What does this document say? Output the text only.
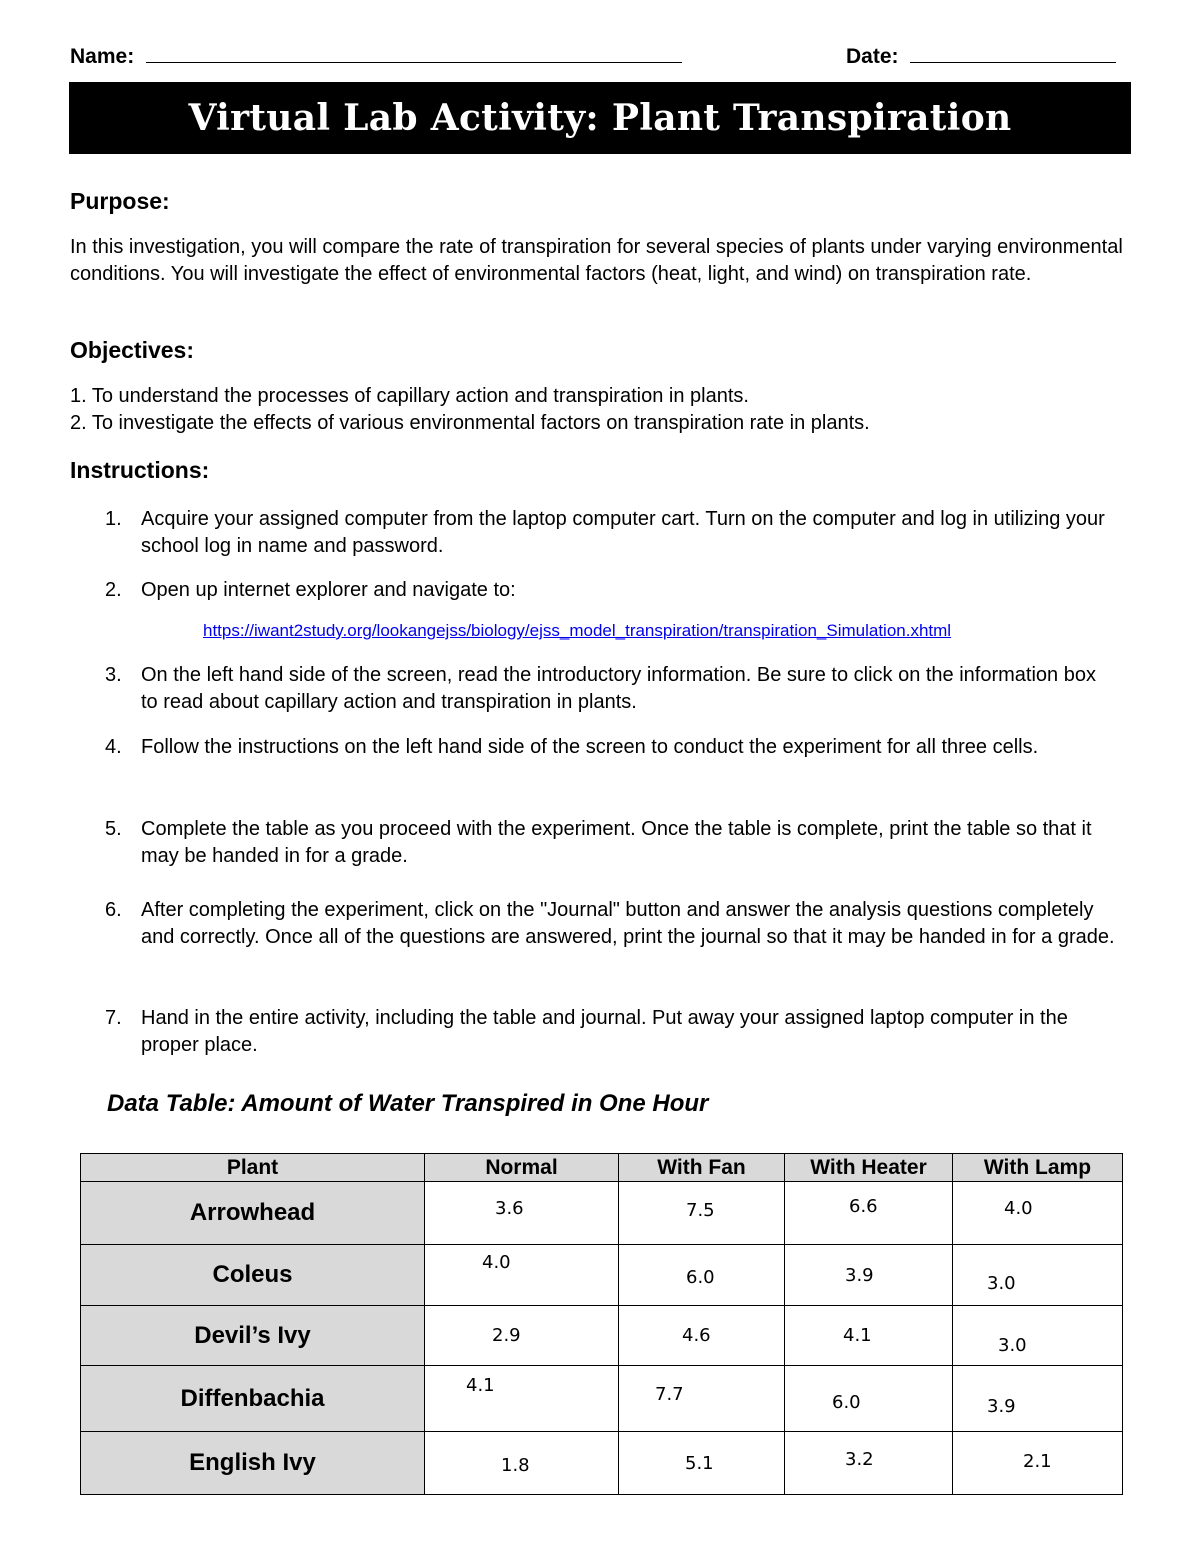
Name:	Date:
Virtual Lab Activity: Plant Transpiration
Purpose:

In this investigation, you will compare the rate of transpiration for several species of plants under varying environmental conditions. You will investigate the effect of environmental factors (heat, light, and wind) on transpiration rate.

Objectives:

1. To understand the processes of capillary action and transpiration in plants.

2. To investigate the effects of various environmental factors on transpiration rate in plants.

Instructions:
1. Acquire your assigned computer from the laptop computer cart. Turn on the computer and log in utilizing your school log in name and password.
2. Open up internet explorer and navigate to:
https://iwant2study.org/lookangejss/biology/ejss_model_transpiration/transpiration_Simulation.xhtml
3. On the left hand side of the screen, read the introductory information. Be sure to click on the information box to read about capillary action and transpiration in plants.
4. Follow the instructions on the left hand side of the screen to conduct the experiment for all three cells.
5. Complete the table as you proceed with the experiment. Once the table is complete, print the table so that it may be handed in for a grade.
6. After completing the experiment, click on the "Journal" button and answer the analysis questions completely and correctly. Once all of the questions are answered, print the journal so that it may be handed in for a grade.
7. Hand in the entire activity, including the table and journal. Put away your assigned laptop computer in the proper place.
Data Table: Amount of Water Transpired in One Hour
Plant	Normal	With Fan	With Heater	With Lamp
Arrowhead	3.6	7.5	6.6	4.0

Coleus	4.0	6.0	3.9	3.0

Devil’s Ivy	2.9	4.6	4.1	3.0

Diffenbachia	4.1	7.7	6.0	3.9

English Ivy	1.8	5.1	3.2	2.1
